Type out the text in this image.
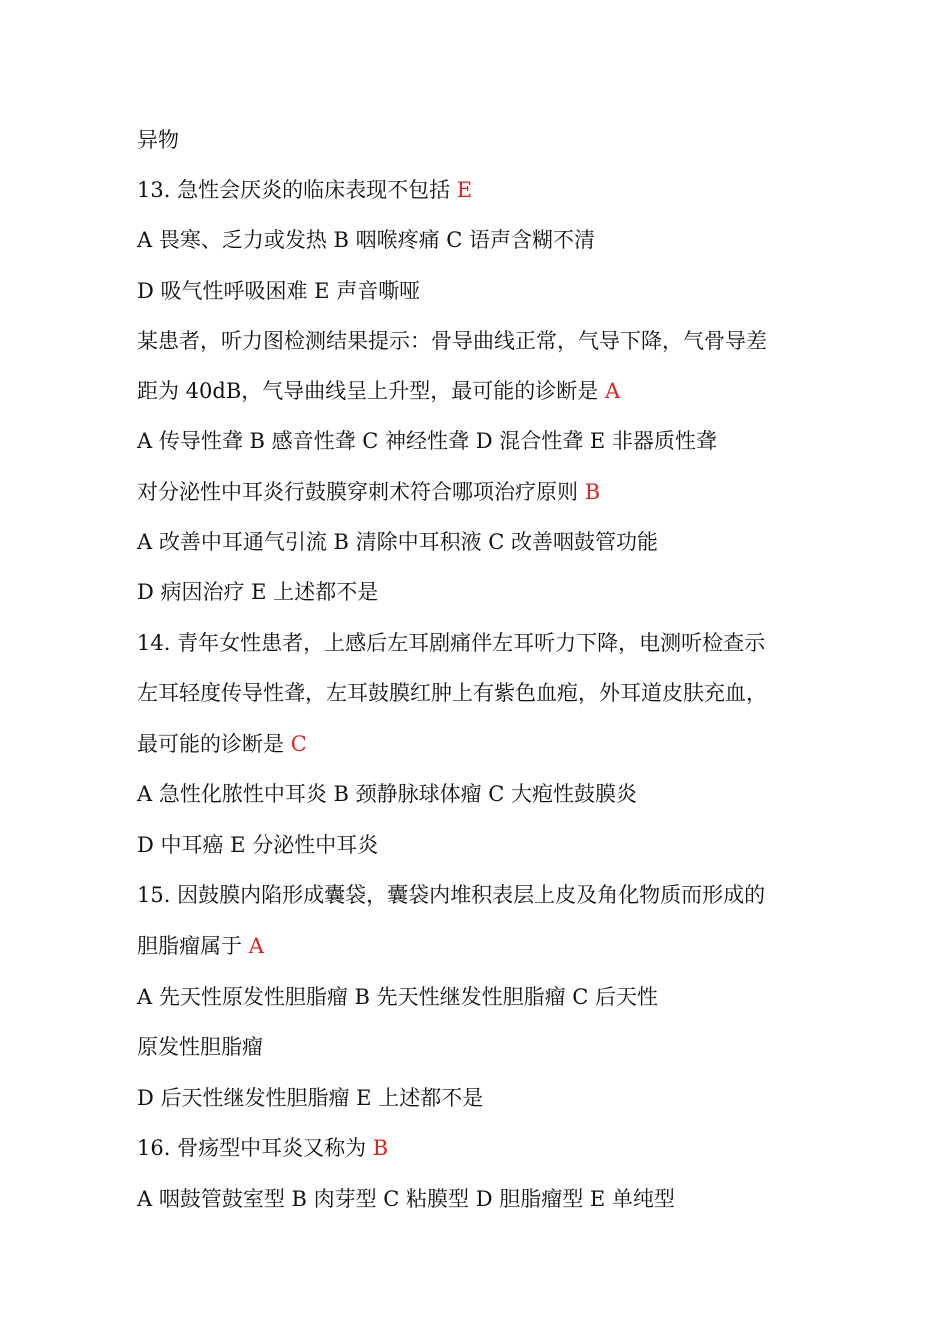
异物
13. 急性会厌炎的临床表现不包括 E
A 畏寒、乏力或发热 B 咽喉疼痛 C 语声含糊不清
D 吸气性呼吸困难 E 声音嘶哑
某患者，听力图检测结果提示：骨导曲线正常，气导下降，气骨导差
距为 40dB，气导曲线呈上升型，最可能的诊断是 A
A 传导性聋 B 感音性聋 C 神经性聋 D 混合性聋 E 非器质性聋
对分泌性中耳炎行鼓膜穿刺术符合哪项治疗原则 B
A 改善中耳通气引流 B 清除中耳积液 C 改善咽鼓管功能
D 病因治疗 E 上述都不是
14. 青年女性患者，上感后左耳剧痛伴左耳听力下降，电测听检查示
左耳轻度传导性聋，左耳鼓膜红肿上有紫色血疱，外耳道皮肤充血，
最可能的诊断是 C
A 急性化脓性中耳炎 B 颈静脉球体瘤 C 大疱性鼓膜炎
D 中耳癌 E 分泌性中耳炎
15. 因鼓膜内陷形成囊袋，囊袋内堆积表层上皮及角化物质而形成的
胆脂瘤属于 A
A 先天性原发性胆脂瘤 B 先天性继发性胆脂瘤 C 后天性
原发性胆脂瘤
D 后天性继发性胆脂瘤 E 上述都不是
16. 骨疡型中耳炎又称为 B
A 咽鼓管鼓室型 B 肉芽型 C 粘膜型 D 胆脂瘤型 E 单纯型
